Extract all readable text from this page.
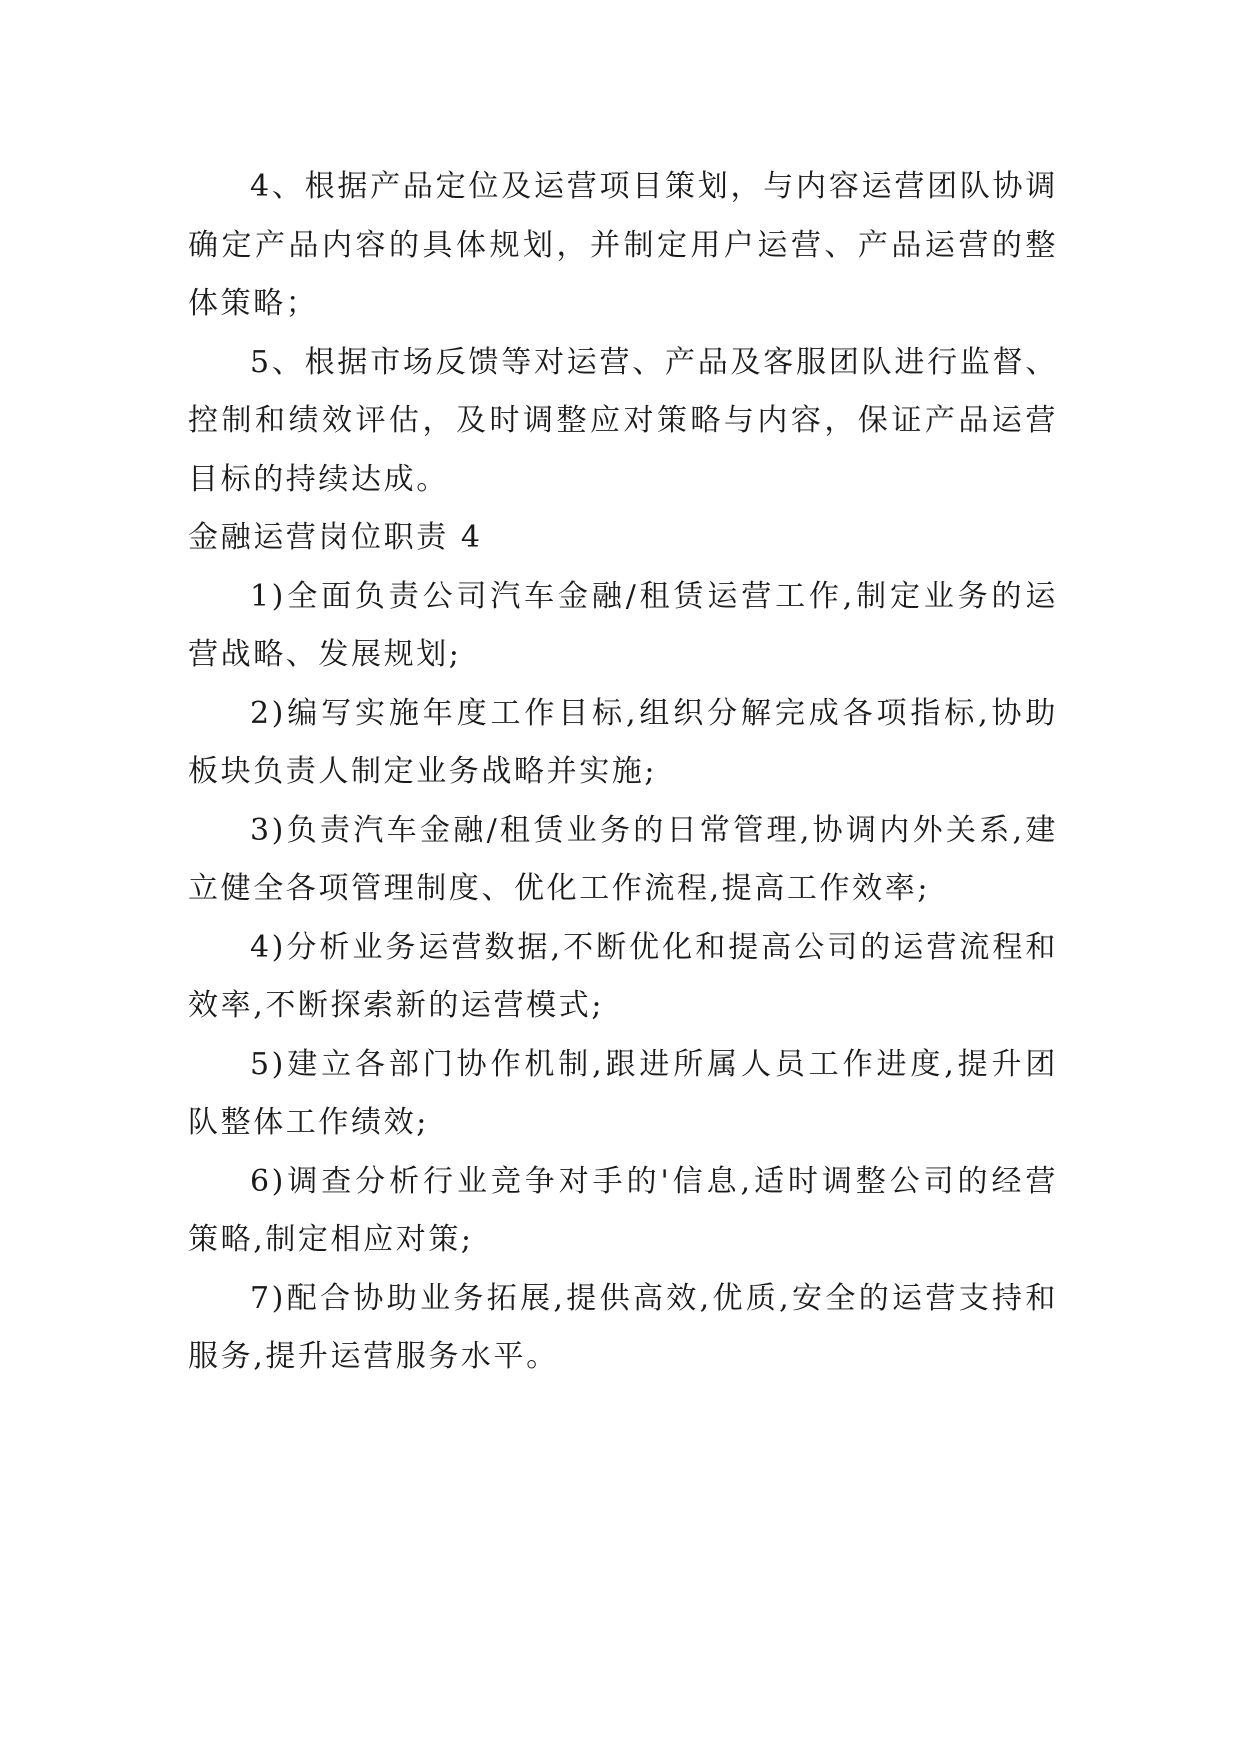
4、根据产品定位及运营项目策划，与内容运营团队协调确定产品内容的具体规划，并制定用户运营、产品运营的整体策略；

5、根据市场反馈等对运营、产品及客服团队进行监督、控制和绩效评估，及时调整应对策略与内容，保证产品运营目标的持续达成。

金融运营岗位职责 4

1)全面负责公司汽车金融/租赁运营工作,制定业务的运营战略、发展规划;

2)编写实施年度工作目标,组织分解完成各项指标,协助板块负责人制定业务战略并实施;

3)负责汽车金融/租赁业务的日常管理,协调内外关系,建立健全各项管理制度、优化工作流程,提高工作效率;

4)分析业务运营数据,不断优化和提高公司的运营流程和效率,不断探索新的运营模式;

5)建立各部门协作机制,跟进所属人员工作进度,提升团队整体工作绩效;

6)调查分析行业竞争对手的'信息,适时调整公司的经营策略,制定相应对策;

7)配合协助业务拓展,提供高效,优质,安全的运营支持和服务,提升运营服务水平。
